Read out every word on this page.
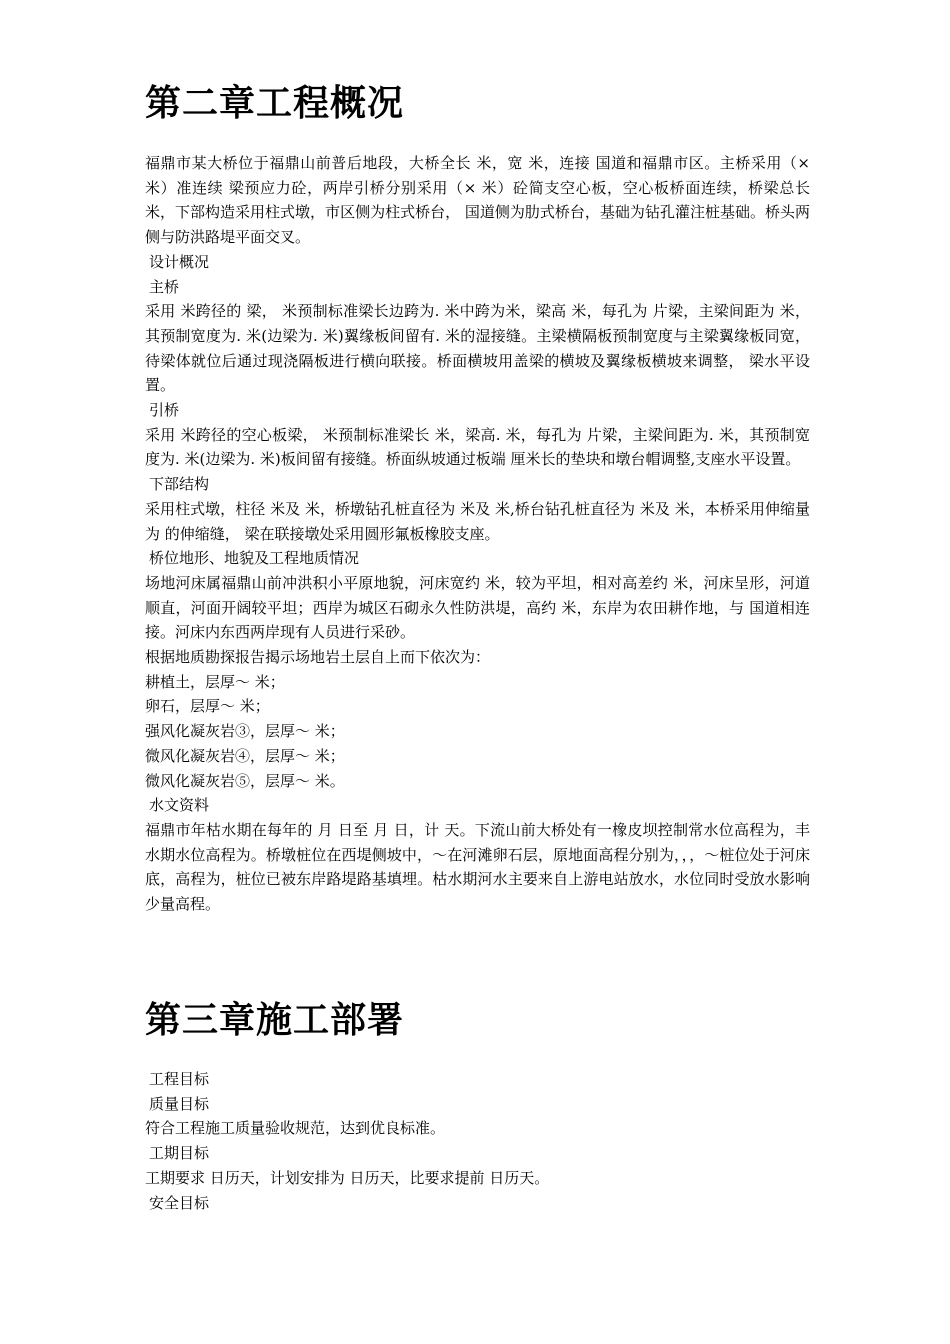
第二章工程概况

福鼎市某大桥位于福鼎山前普后地段，大桥全长 米，宽 米，连接 国道和福鼎市区。主桥采用（× 米）准连续 梁预应力砼，两岸引桥分别采用（× 米）砼简支空心板，空心板桥面连续，桥梁总长 米，下部构造采用柱式墩，市区侧为柱式桥台， 国道侧为肋式桥台，基础为钻孔灌注桩基础。桥头两侧与防洪路堤平面交叉。

设计概况

主桥

采用 米跨径的 梁， 米预制标准梁长边跨为. 米中跨为米，梁高 米，每孔为 片梁，主梁间距为 米，其预制宽度为. 米(边梁为. 米)翼缘板间留有. 米的湿接缝。主梁横隔板预制宽度与主梁翼缘板同宽，待梁体就位后通过现浇隔板进行横向联接。桥面横坡用盖梁的横坡及翼缘板横坡来调整， 梁水平设置。

引桥

采用 米跨径的空心板梁， 米预制标准梁长 米，梁高. 米，每孔为 片梁，主梁间距为. 米，其预制宽度为. 米(边梁为. 米)板间留有接缝。桥面纵坡通过板端 厘米长的垫块和墩台帽调整,支座水平设置。

下部结构

采用柱式墩，柱径 米及 米，桥墩钻孔桩直径为 米及 米,桥台钻孔桩直径为 米及 米，本桥采用伸缩量为 的伸缩缝， 梁在联接墩处采用圆形氟板橡胶支座。

桥位地形、地貌及工程地质情况

场地河床属福鼎山前冲洪积小平原地貌，河床宽约 米，较为平坦，相对高差约 米，河床呈形，河道顺直，河面开阔较平坦；西岸为城区石砌永久性防洪堤，高约 米，东岸为农田耕作地，与 国道相连接。河床内东西两岸现有人员进行采砂。

根据地质勘探报告揭示场地岩土层自上而下依次为：

耕植土，层厚～ 米；

卵石，层厚～ 米；

强风化凝灰岩③，层厚～ 米；

微风化凝灰岩④，层厚～ 米；

微风化凝灰岩⑤，层厚～ 米。

水文资料

福鼎市年枯水期在每年的 月 日至 月 日，计 天。下流山前大桥处有一橡皮坝控制常水位高程为，丰水期水位高程为。桥墩桩位在西堤侧坡中，～在河滩卵石层，原地面高程分别为，，，～桩位处于河床底，高程为，桩位已被东岸路堤路基填埋。枯水期河水主要来自上游电站放水，水位同时受放水影响少量高程。

第三章施工部署

工程目标

质量目标

符合工程施工质量验收规范，达到优良标准。

工期目标

工期要求 日历天，计划安排为 日历天，比要求提前 日历天。

安全目标
